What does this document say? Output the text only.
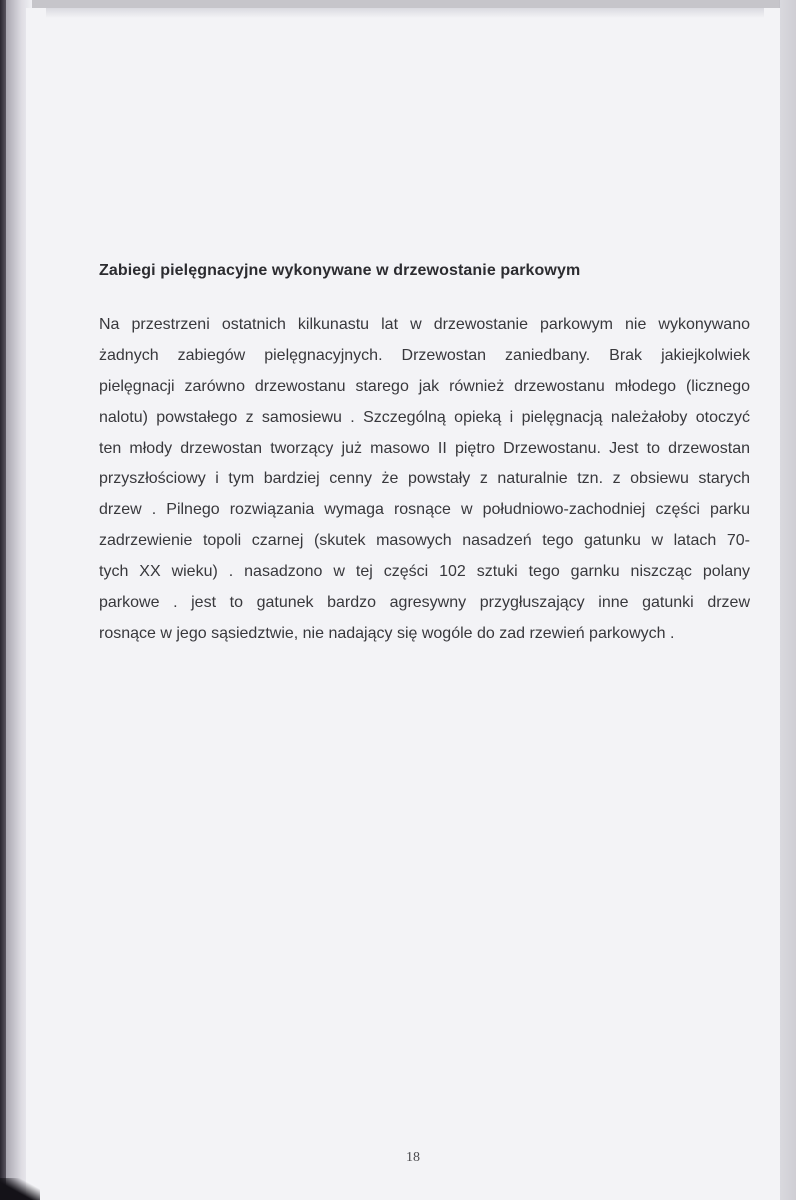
Zabiegi pielęgnacyjne wykonywane w drzewostanie parkowym
Na przestrzeni ostatnich kilkunastu lat w drzewostanie parkowym nie wykonywano
żadnych zabiegów pielęgnacyjnych. Drzewostan zaniedbany. Brak jakiejkolwiek
pielęgnacji zarówno drzewostanu starego jak również drzewostanu młodego (licznego
nalotu) powstałego z samosiewu . Szczególną opieką i pielęgnacją należałoby otoczyć
ten młody drzewostan tworzący już masowo II piętro Drzewostanu. Jest to drzewostan
przyszłościowy i tym bardziej cenny że powstały z naturalnie tzn. z obsiewu starych
drzew . Pilnego rozwiązania wymaga rosnące w południowo-zachodniej części parku
zadrzewienie topoli czarnej (skutek masowych nasadzeń tego gatunku w latach 70-
tych XX wieku) . nasadzono w tej części 102 sztuki tego garnku niszcząc polany
parkowe . jest to gatunek bardzo agresywny przygłuszający inne gatunki drzew
rosnące w jego sąsiedztwie, nie nadający się wogóle do zad rzewień parkowych .

18
